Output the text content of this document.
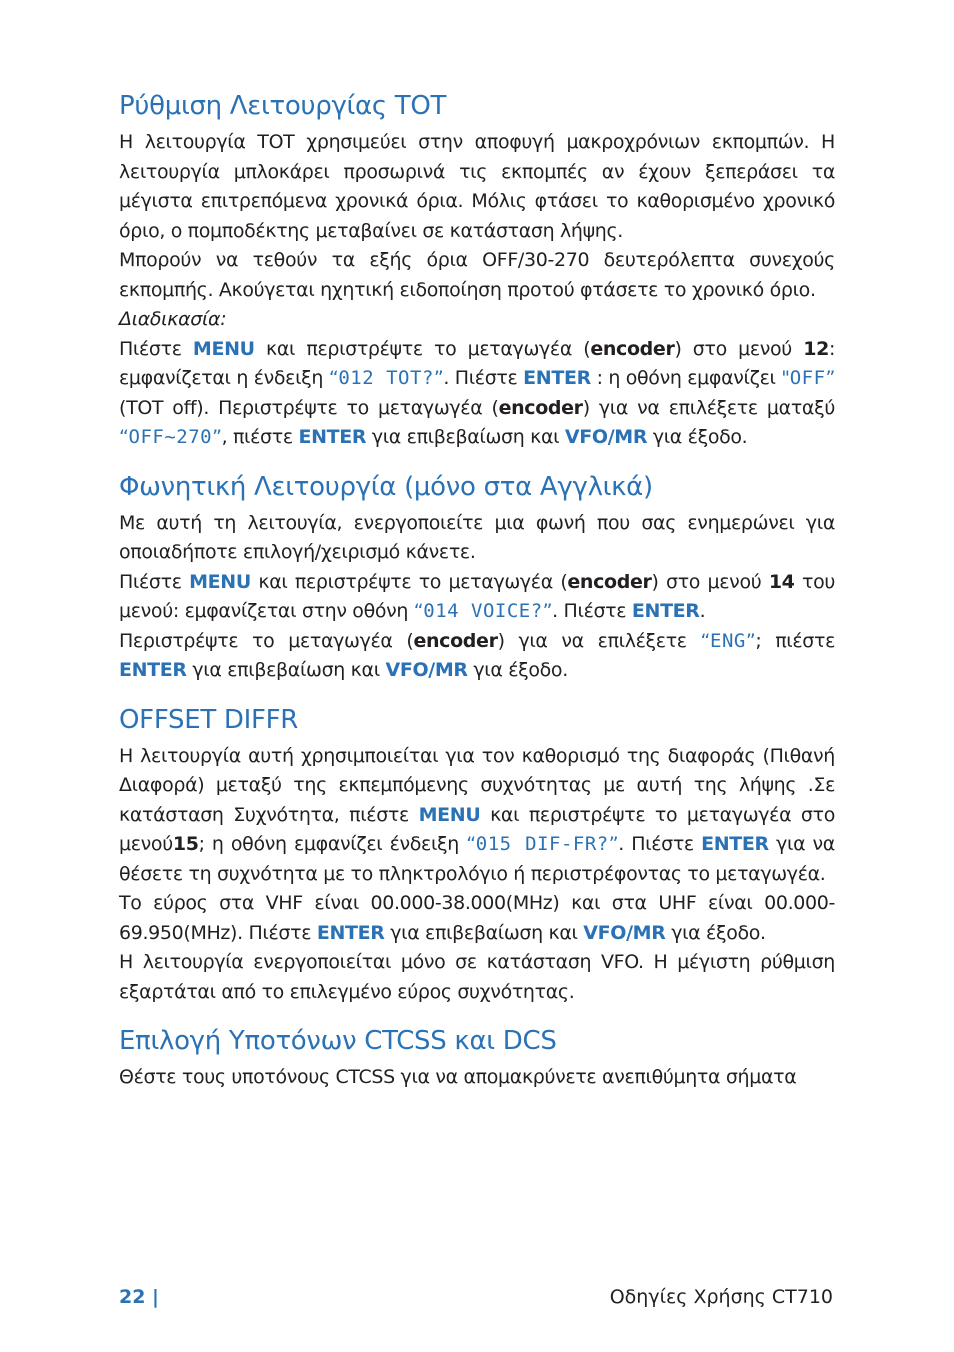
Ρύθμιση Λειτουργίας TOT

Η λειτουργία TOT χρησιμεύει στην αποφυγή μακροχρόνιων εκπομπών. Η λειτουργία μπλοκάρει προσωρινά τις εκπομπές αν έχουν ξεπεράσει τα μέγιστα επιτρεπόμενα χρονικά όρια. Μόλις φτάσει το καθορισμένο χρονικό όριο, ο πομποδέκτης μεταβαίνει σε κατάσταση λήψης.

Μπορούν να τεθούν τα εξής όρια OFF/30-270 δευτερόλεπτα συνεχούς εκπομπής. Ακούγεται ηχητική ειδοποίηση προτού φτάσετε το χρονικό όριο.

Διαδικασία:

Πιέστε MENU και περιστρέψτε το μεταγωγέα (encoder) στο μενού 12: εμφανίζεται η ένδειξη “012 TOT?”. Πιέστε ENTER : η οθόνη εμφανίζει "OFF” (TOT off). Περιστρέψτε το μεταγωγέα (encoder) για να επιλέξετε ματαξύ “OFF~270”, πιέστε ENTER για επιβεβαίωση και VFO/MR για έξοδο.

Φωνητική Λειτουργία (μόνο στα Αγγλικά)

Με αυτή τη λειτουγία, ενεργοποιείτε μια φωνή που σας ενημερώνει για οποιαδήποτε επιλογή/χειρισμό κάνετε.

Πιέστε MENU και περιστρέψτε το μεταγωγέα (encoder) στο μενού 14 του μενού: εμφανίζεται στην οθόνη “014 VOICE?”. Πιέστε ENTER.

Περιστρέψτε το μεταγωγέα (encoder) για να επιλέξετε “ENG”; πιέστε ENTER για επιβεβαίωση και VFO/MR για έξοδο.

OFFSET DIFFR

Η λειτουργία αυτή χρησιμποιείται για τον καθορισμό της διαφοράς (Πιθανή Διαφορά) μεταξύ της εκπεμπόμενης συχνότητας με αυτή της λήψης .Σε κατάσταση Συχνότητα, πιέστε MENU και περιστρέψτε το μεταγωγέα στο μενού15; η οθόνη εμφανίζει ένδειξη “015 DIF-FR?”. Πιέστε ENTER για να θέσετε τη συχνότητα με το πληκτρολόγιο ή περιστρέφοντας το μεταγωγέα.

Το εύρος στα VHF είναι 00.000-38.000(MHz) και στα UHF είναι 00.000-69.950(MHz). Πιέστε ENTER για επιβεβαίωση και VFO/MR για έξοδο.

Η λειτουργία ενεργοποιείται μόνο σε κατάσταση VFO. Η μέγιστη ρύθμιση εξαρτάται από το επιλεγμένο εύρος συχνότητας.

Επιλογή Υποτόνων CTCSS και DCS

Θέστε τους υποτόνους CTCSS για να απομακρύνετε ανεπιθύμητα σήματα

22 |	Οδηγίες Χρήσης CT710
